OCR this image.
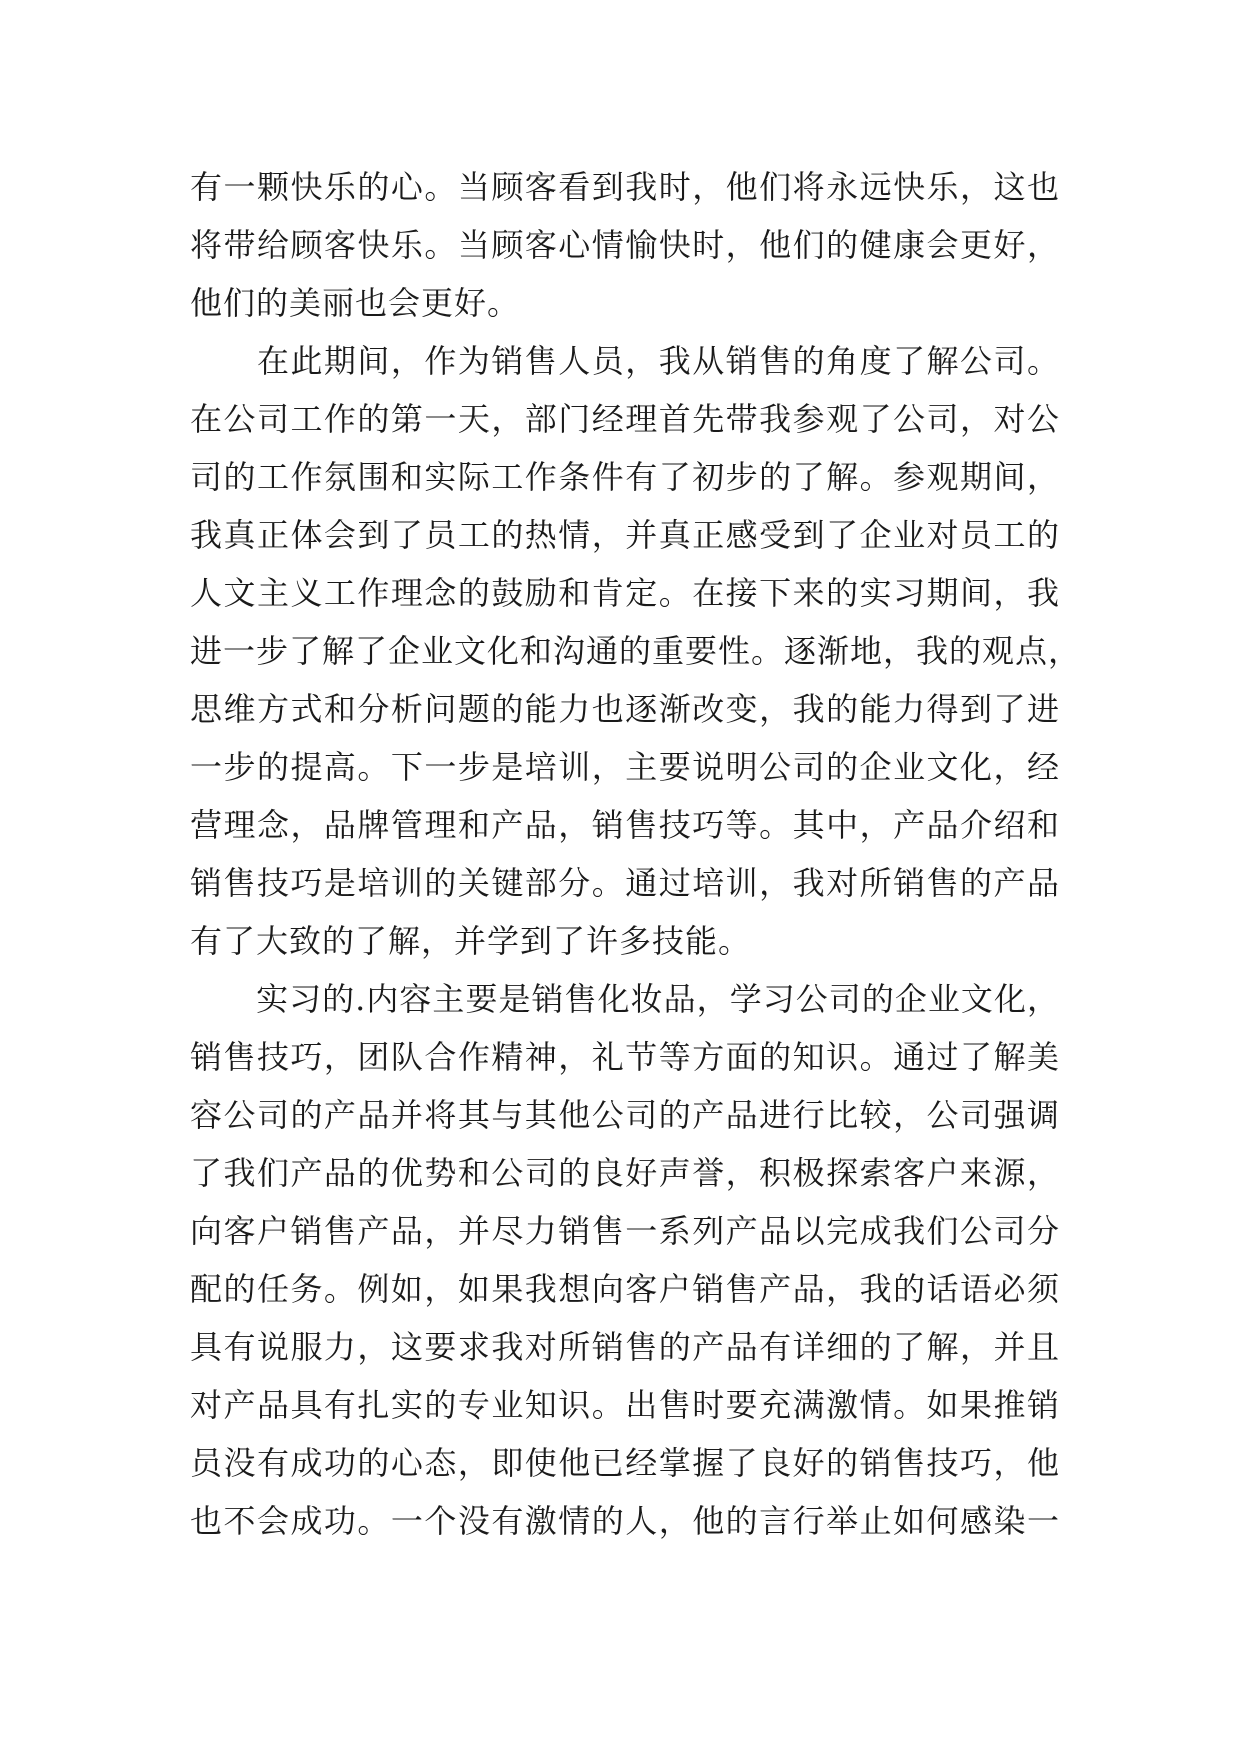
有一颗快乐的心。当顾客看到我时，他们将永远快乐，这也
将带给顾客快乐。当顾客心情愉快时，他们的健康会更好，
他们的美丽也会更好。
　　在此期间，作为销售人员，我从销售的角度了解公司。
在公司工作的第一天，部门经理首先带我参观了公司，对公
司的工作氛围和实际工作条件有了初步的了解。参观期间，
我真正体会到了员工的热情，并真正感受到了企业对员工的
人文主义工作理念的鼓励和肯定。在接下来的实习期间，我
进一步了解了企业文化和沟通的重要性。逐渐地，我的观点，
思维方式和分析问题的能力也逐渐改变，我的能力得到了进
一步的提高。下一步是培训，主要说明公司的企业文化，经
营理念，品牌管理和产品，销售技巧等。其中，产品介绍和
销售技巧是培训的关键部分。通过培训，我对所销售的产品
有了大致的了解，并学到了许多技能。
　　实习的.内容主要是销售化妆品，学习公司的企业文化，
销售技巧，团队合作精神，礼节等方面的知识。通过了解美
容公司的产品并将其与其他公司的产品进行比较，公司强调
了我们产品的优势和公司的良好声誉，积极探索客户来源，
向客户销售产品，并尽力销售一系列产品以完成我们公司分
配的任务。例如，如果我想向客户销售产品，我的话语必须
具有说服力，这要求我对所销售的产品有详细的了解，并且
对产品具有扎实的专业知识。出售时要充满激情。如果推销
员没有成功的心态，即使他已经掌握了良好的销售技巧，他
也不会成功。一个没有激情的人，他的言行举止如何感染一
